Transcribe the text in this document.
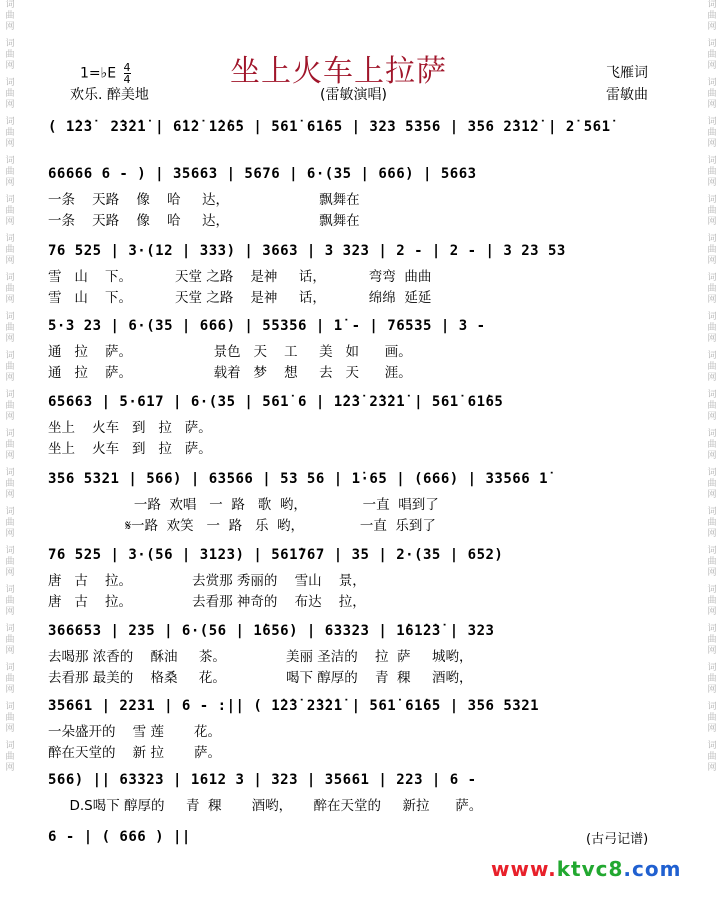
词曲网
词曲网
词曲网
词曲网
词曲网
词曲网
词曲网
词曲网
词曲网
词曲网
词曲网
词曲网
词曲网
词曲网
词曲网
词曲网
词曲网
词曲网
词曲网
词曲网
词曲网
词曲网
词曲网
词曲网
词曲网
词曲网
词曲网
词曲网
词曲网
词曲网
词曲网
词曲网
词曲网
词曲网
词曲网
词曲网
词曲网
词曲网
词曲网
词曲网
坐上火车上拉萨
1=♭E $\frac{4}{4}$
欢乐. 醉美地	(雷敏演唱)
飞雁词
雷敏曲
( 1̇2̇3̇  2̇3̇2̇1̇ | 6̇1̇2̇ 1̇2̇6̇5 | 561̇ 61̇65 | 323 5356 | 356 2̇31̇2̇ | 2̇ 561̇
66666 6 - ) | 35663 | 5676 | 6·(35 | 666) | 5663
一条    天路    像    哈     达，                     飘舞在
一条    天路    像    哈     达，                     飘舞在
76 525 | 3·(12 | 333) | 3663 | 3 323 | 2 - | 2 - | 3 23 53
雪   山    下。          天堂 之路    是神     话，          弯弯  曲曲
雪   山    下。          天堂 之路    是神     话，          绵绵  延延
5·3 23 | 6·(35 | 666) | 55356 | 1̇ - | 76535 | 3 -
通   拉    萨。                   景色   天    工     美   如      画。
通   拉    萨。                   载着   梦    想     去   天      涯。
65663 | 5·617 | 6·(35 | 561̇ 6 | 1̇2̇3̇ 2̇3̇2̇1̇ | 561̇ 61̇65
坐上    火车   到   拉   萨。
坐上    火车   到   拉   萨。
356 5321 | 566) | 63566 | 53 56 | 1̇·65 | (666) | 33566 1̇
一路  欢唱   一  路   歌  哟，             一直  唱到了
𝄋一路  欢笑   一  路   乐  哟，             一直  乐到了
76 525 | 3·(56 | 3123) | 561̇767 | 35 | 2·(35 | 652)
唐   古    拉。              去赏那 秀丽的    雪山    景，
唐   古    拉。              去看那 神奇的    布达    拉，
366653 | 235 | 6·(56 | 1̇656) | 63323 | 1̇61̇2̇3̇ | 323
去喝那 浓香的    酥油     茶。              美丽 圣洁的    拉  萨     城哟，
去看那 最美的    格桑     花。              喝下 醇厚的    青  稞     酒哟，
35661 | 2231 | 6 - :|| ( 1̇2̇3̇ 2̇3̇2̇1̇ | 561̇ 61̇65 | 356 5321
一朵盛开的    雪 莲       花。
醉在天堂的    新 拉       萨。
566) || 63323 | 1612 3 | 323 | 35661 | 223 | 6 -
D.S喝下 醇厚的     青  稞       酒哟，     醉在天堂的     新拉      萨。
6 - | ( 666 ) ||	(古弓记谱)
www.ktvc8.com
